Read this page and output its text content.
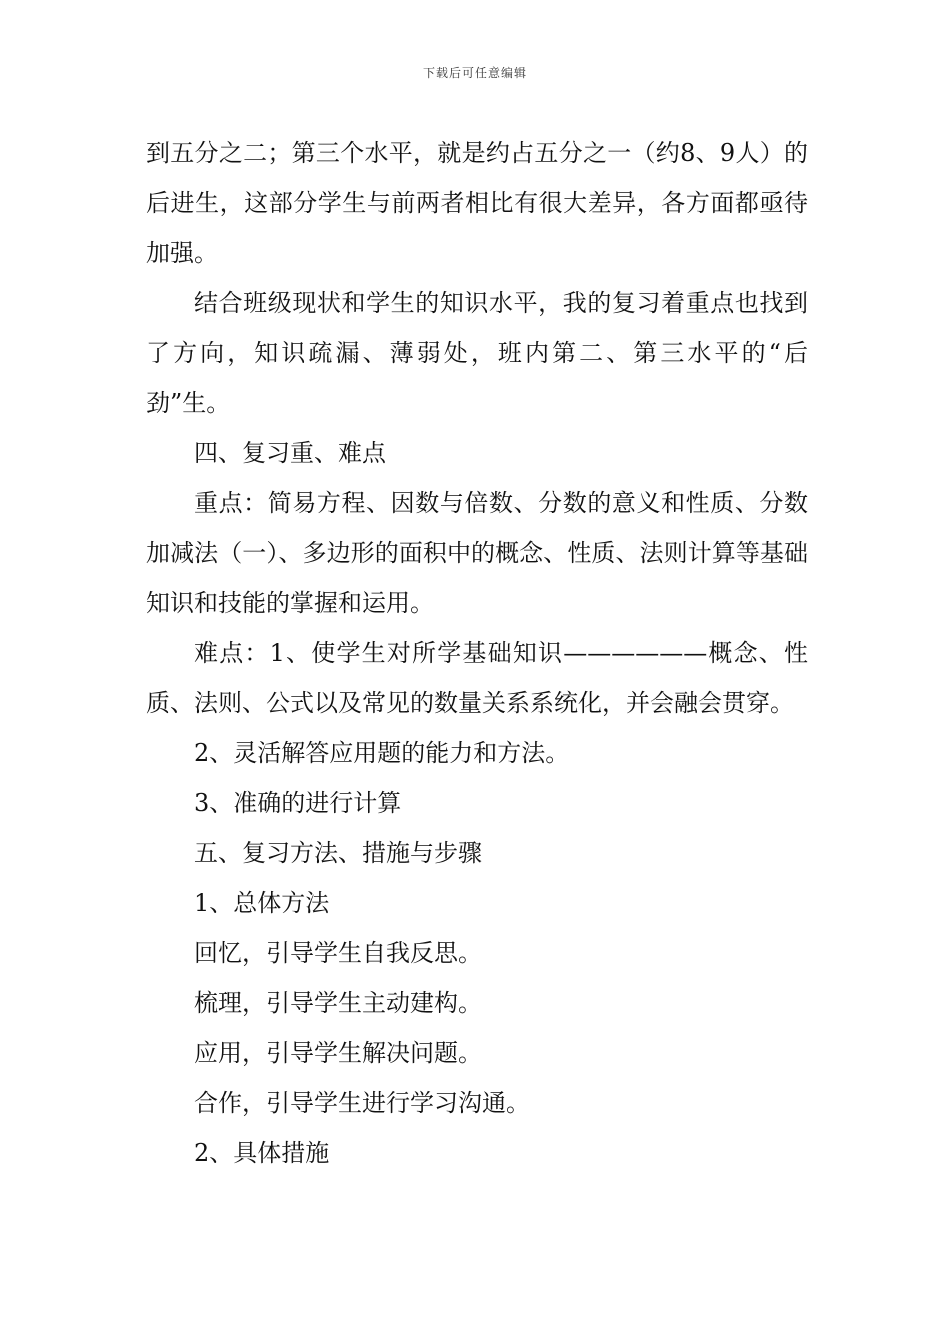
下载后可任意编辑

到五分之二；第三个水平，就是约占五分之一（约8、9人）的后进生，这部分学生与前两者相比有很大差异，各方面都亟待加强。

结合班级现状和学生的知识水平，我的复习着重点也找到了方向，知识疏漏、薄弱处，班内第二、第三水平的“后劲”生。

四、复习重、难点

重点：简易方程、因数与倍数、分数的意义和性质、分数加减法（一）、多边形的面积中的概念、性质、法则计算等基础知识和技能的掌握和运用。

难点：1、使学生对所学基础知识——————概念、性质、法则、公式以及常见的数量关系系统化，并会融会贯穿。

2、灵活解答应用题的能力和方法。

3、准确的进行计算

五、复习方法、措施与步骤

1、总体方法

回忆，引导学生自我反思。

梳理，引导学生主动建构。

应用，引导学生解决问题。

合作，引导学生进行学习沟通。

2、具体措施
